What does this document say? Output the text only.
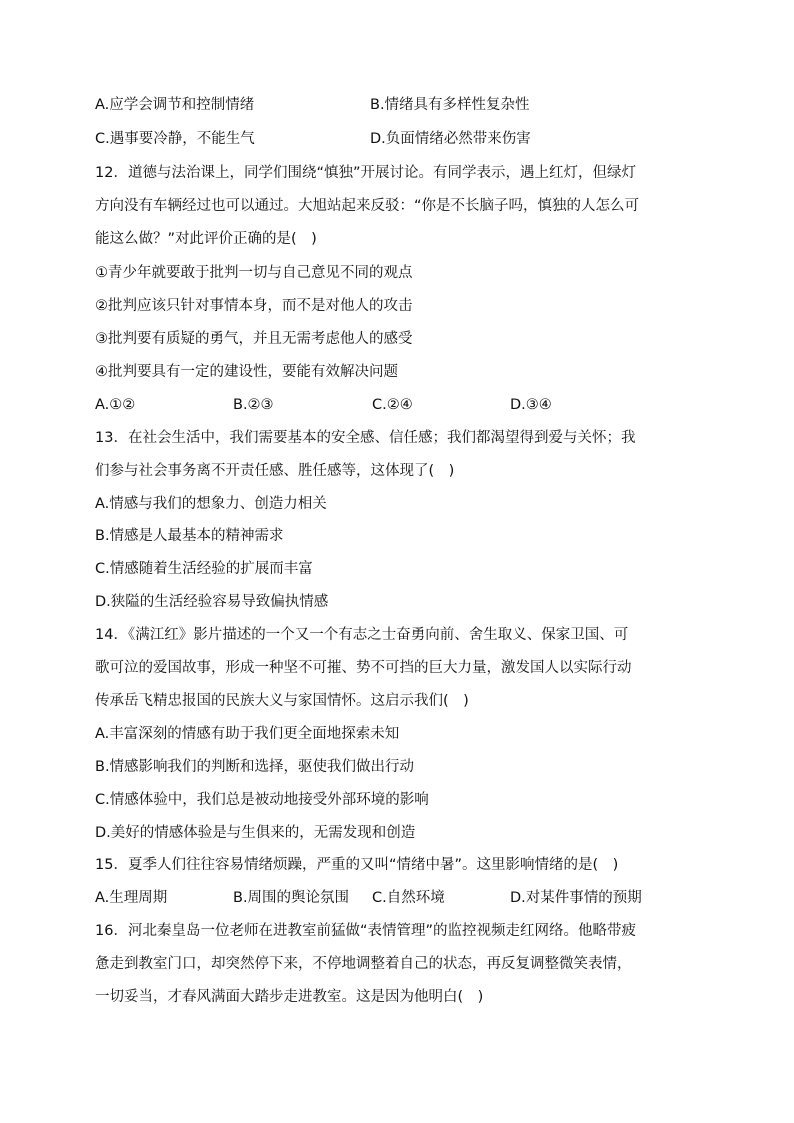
A.应学会调节和控制情绪	B.情绪具有多样性复杂性
C.遇事要冷静，不能生气	D.负面情绪必然带来伤害
12．道德与法治课上，同学们围绕“慎独”开展讨论。有同学表示，遇上红灯，但绿灯
方向没有车辆经过也可以通过。大旭站起来反驳：“你是不长脑子吗，慎独的人怎么可
能这么做？”对此评价正确的是(　)
①青少年就要敢于批判一切与自己意见不同的观点
②批判应该只针对事情本身，而不是对他人的攻击
③批判要有质疑的勇气，并且无需考虑他人的感受
④批判要具有一定的建设性，要能有效解决问题
A.①②	B.②③	C.②④	D.③④
13．在社会生活中，我们需要基本的安全感、信任感；我们都渴望得到爱与关怀；我
们参与社会事务离不开责任感、胜任感等，这体现了(　)
A.情感与我们的想象力、创造力相关
B.情感是人最基本的精神需求
C.情感随着生活经验的扩展而丰富
D.狭隘的生活经验容易导致偏执情感
14．《满江红》影片描述的一个又一个有志之士奋勇向前、舍生取义、保家卫国、可
歌可泣的爱国故事，形成一种坚不可摧、势不可挡的巨大力量，激发国人以实际行动
传承岳飞精忠报国的民族大义与家国情怀。这启示我们(　)
A.丰富深刻的情感有助于我们更全面地探索未知
B.情感影响我们的判断和选择，驱使我们做出行动
C.情感体验中，我们总是被动地接受外部环境的影响
D.美好的情感体验是与生俱来的，无需发现和创造
15．夏季人们往往容易情绪烦躁，严重的又叫“情绪中暑”。这里影响情绪的是(　)
A.生理周期	B.周围的舆论氛围 C.自然环境	D.对某件事情的预期
16．河北秦皇岛一位老师在进教室前猛做“表情管理”的监控视频走红网络。他略带疲
惫走到教室门口，却突然停下来，不停地调整着自己的状态，再反复调整微笑表情，
一切妥当，才春风满面大踏步走进教室。这是因为他明白(　)
